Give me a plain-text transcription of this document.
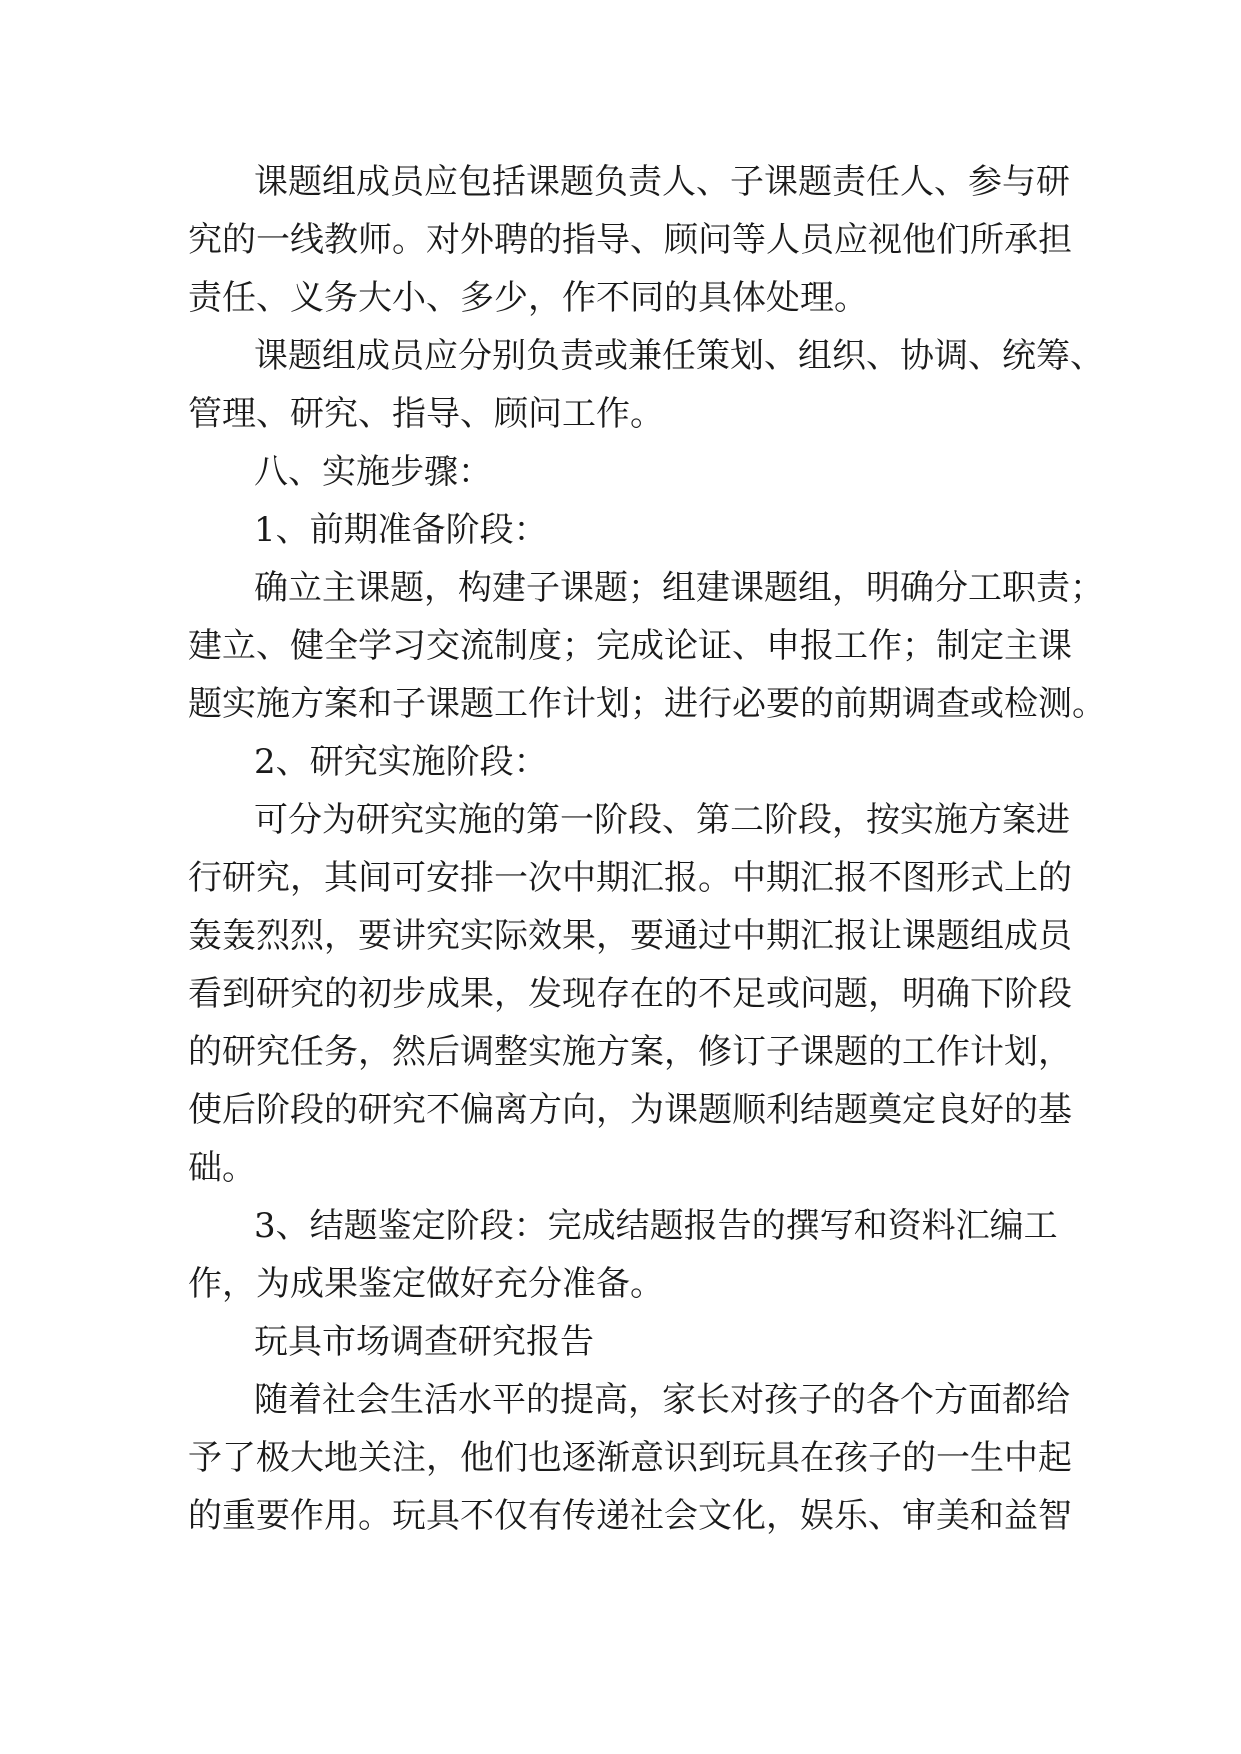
课题组成员应包括课题负责人、子课题责任人、参与研
究的一线教师。对外聘的指导、顾问等人员应视他们所承担
责任、义务大小、多少，作不同的具体处理。
课题组成员应分别负责或兼任策划、组织、协调、统筹、
管理、研究、指导、顾问工作。
八、实施步骤：
1、前期准备阶段：
确立主课题，构建子课题；组建课题组，明确分工职责；
建立、健全学习交流制度；完成论证、申报工作；制定主课
题实施方案和子课题工作计划；进行必要的前期调查或检测。
2、研究实施阶段：
可分为研究实施的第一阶段、第二阶段，按实施方案进
行研究，其间可安排一次中期汇报。中期汇报不图形式上的
轰轰烈烈，要讲究实际效果，要通过中期汇报让课题组成员
看到研究的初步成果，发现存在的不足或问题，明确下阶段
的研究任务，然后调整实施方案，修订子课题的工作计划，
使后阶段的研究不偏离方向，为课题顺利结题奠定良好的基
础。
3、结题鉴定阶段：完成结题报告的撰写和资料汇编工
作，为成果鉴定做好充分准备。
玩具市场调查研究报告
随着社会生活水平的提高，家长对孩子的各个方面都给
予了极大地关注，他们也逐渐意识到玩具在孩子的一生中起
的重要作用。玩具不仅有传递社会文化，娱乐、审美和益智
